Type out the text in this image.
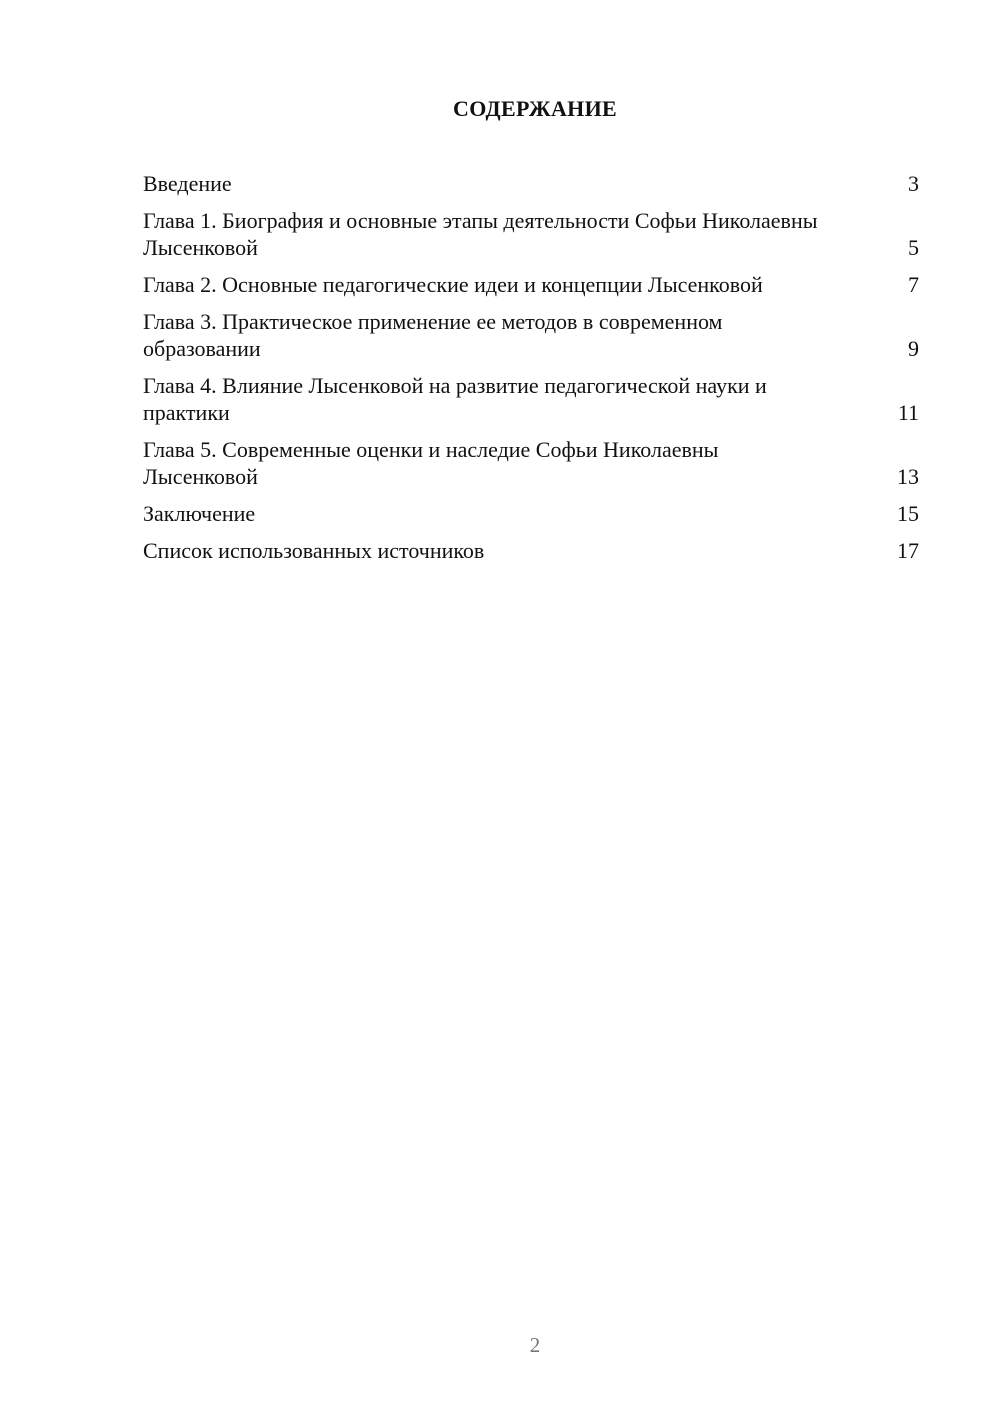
СОДЕРЖАНИЕ
Введение	3
Глава 1. Биография и основные этапы деятельности Софьи Николаевны Лысенковой	5
Глава 2. Основные педагогические идеи и концепции Лысенковой	7
Глава 3. Практическое применение ее методов в современном образовании	9
Глава 4. Влияние Лысенковой на развитие педагогической науки и практики	11
Глава 5. Современные оценки и наследие Софьи Николаевны Лысенковой	13
Заключение	15
Список использованных источников	17
2
